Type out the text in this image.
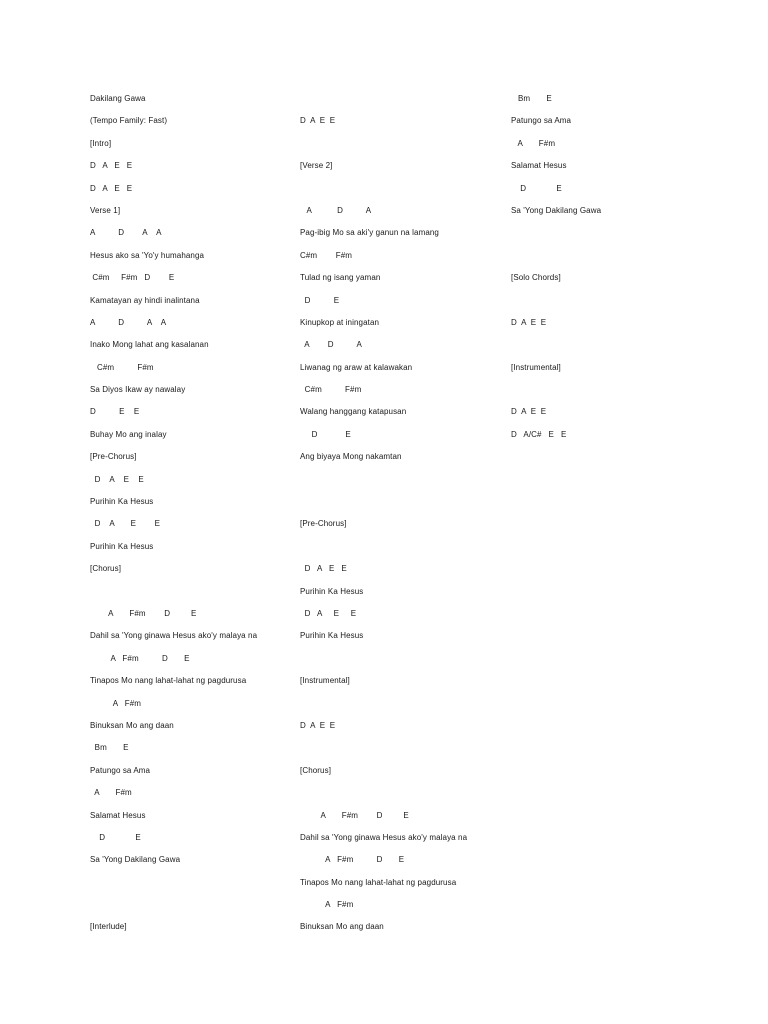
Dakilang Gawa
(Tempo Family: Fast)
[Intro]
D   A   E   E
D   A   E   E
Verse 1]
A          D        A    A
Hesus ako sa 'Yo'y humahanga
C#m     F#m   D        E
Kamatayan ay hindi inalintana
A          D          A    A
Inako Mong lahat ang kasalanan
C#m          F#m
Sa Diyos Ikaw ay nawalay
D          E    E
Buhay Mo ang inalay
[Pre-Chorus]
D    A    E    E
Purihin Ka Hesus
D    A       E        E
Purihin Ka Hesus
[Chorus]
A       F#m        D         E
Dahil sa 'Yong ginawa Hesus ako'y malaya na
A   F#m          D       E
Tinapos Mo nang lahat-lahat ng pagdurusa
A   F#m
Binuksan Mo ang daan
Bm       E
Patungo sa Ama
A       F#m
Salamat Hesus
D             E
Sa 'Yong Dakilang Gawa
[Interlude]
D  A  E  E
[Verse 2]
A           D          A
Pag-ibig Mo sa aki'y ganun na lamang
C#m        F#m
Tulad ng isang yaman
D          E
Kinupkop at iningatan
A        D          A
Liwanag ng araw at kalawakan
C#m          F#m
Walang hanggang katapusan
D            E
Ang biyaya Mong nakamtan
[Pre-Chorus]
D   A   E   E
Purihin Ka Hesus
D   A     E     E
Purihin Ka Hesus
[Instrumental]
D  A  E  E
[Chorus]
A       F#m        D         E
Dahil sa 'Yong ginawa Hesus ako'y malaya na
A   F#m          D       E
Tinapos Mo nang lahat-lahat ng pagdurusa
A   F#m
Binuksan Mo ang daan
Bm       E
Patungo sa Ama
A       F#m
Salamat Hesus
D             E
Sa 'Yong Dakilang Gawa
[Solo Chords]
D  A  E  E
[Instrumental]
D  A  E  E
D   A/C#   E   E
